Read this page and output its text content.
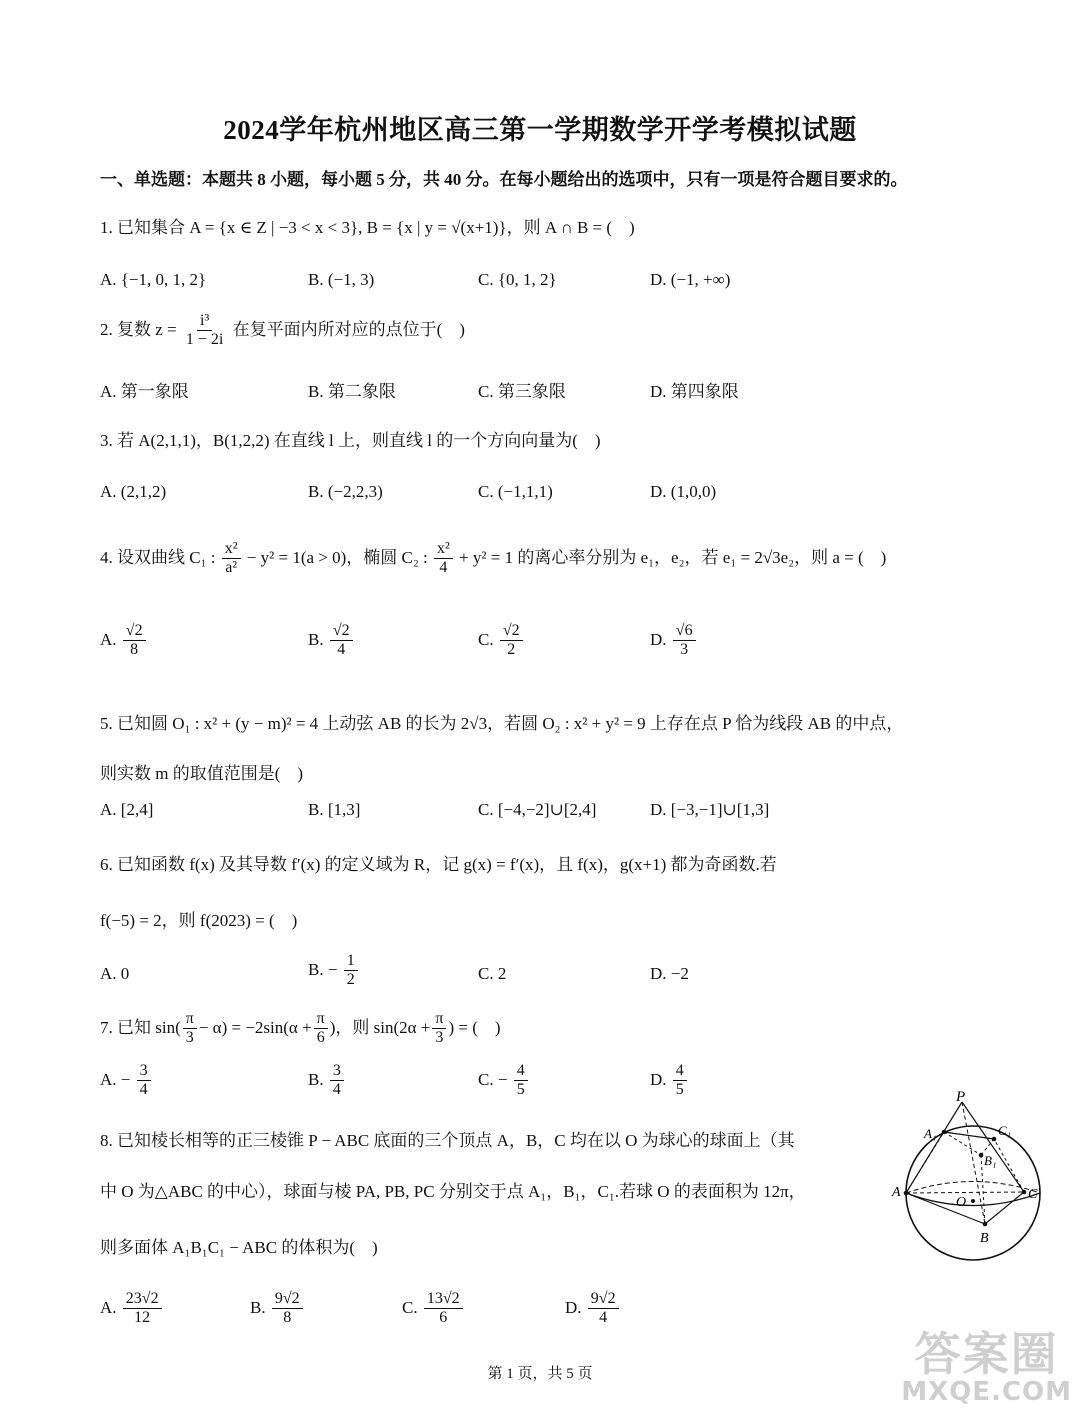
2024学年杭州地区高三第一学期数学开学考模拟试题
一、单选题：本题共 8 小题，每小题 5 分，共 40 分。在每小题给出的选项中，只有一项是符合题目要求的。
1. 已知集合 A = {x ∈ Z | −3 < x < 3}, B = {x | y = √(x+1)}，则 A ∩ B = (　)
A. {−1, 0, 1, 2}	B. (−1, 3)	C. {0, 1, 2}	D. (−1, +∞)
2. 复数 $z = \frac{\text{i³}}{1 - 2i}$ 在复平面内所对应的点位于(　)
A. 第一象限	B. 第二象限	C. 第三象限	D. 第四象限
3. 若 A(2,1,1)，B(1,2,2) 在直线 l 上，则直线 l 的一个方向向量为(　)
A. (2,1,2)	B. (−2,2,3)	C. (−1,1,1)	D. (1,0,0)
4. 设双曲线 C₁ : $\frac{\text{x²}}{\text{a²}} - y^2 = 1(a > 0)$，椭圆 C₂ : $\frac{\text{x²}}{4} + y^2 = 1$ 的离心率分别为 e₁，e₂，若 e₁ = 2√3e₂，则 a = (　)
A. $\frac{√2}{8}$	B. $\frac{√2}{4}$	C. $\frac{√2}{2}$	D. $\frac{√6}{3}$
5. 已知圆 O₁ : x² + (y − m)² = 4 上动弦 AB 的长为 2√3，若圆 O₂ : x² + y² = 9 上存在点 P 恰为线段 AB 的中点，
则实数 m 的取值范围是(　)
A. [2,4]	B. [1,3]	C. [−4,−2]∪[2,4]	D. [−3,−1]∪[1,3]
6. 已知函数 f(x) 及其导数 f′(x) 的定义域为 R，记 g(x) = f′(x)，且 f(x)，g(x+1) 都为奇函数.若
f(−5) = 2，则 f(2023) = (　)
A. 0	B. − $\frac{1}{2}$	C. 2	D. −2
7. 已知 $\sin( \frac{\pi}{3} - \alpha) = -2\sin(\alpha + \frac{\pi}{6}$ )，则 $\sin(2\alpha + \frac{\pi}{3}$ ) = (　)
A. − $\frac{3}{4}$	B. $\frac{3}{4}$	C. − $\frac{4}{5}$	D. $\frac{4}{5}$
8. 已知棱长相等的正三棱锥 P − ABC 底面的三个顶点 A，B，C 均在以 O 为球心的球面上（其
中 O 为△ABC 的中心），球面与棱 PA, PB, PC 分别交于点 A₁，B₁，C₁.若球 O 的表面积为 12π，
则多面体 A₁B₁C₁ − ABC 的体积为(　)
A. $\frac{23√2}{12}$	B. $\frac{9√2}{8}$	C. $\frac{13√2}{6}$	D. $\frac{9√2}{4}$
P
A₁	C₁
B₁
A
O
C
B
第 1 页，共 5 页	答案圈
MXQE.COM
